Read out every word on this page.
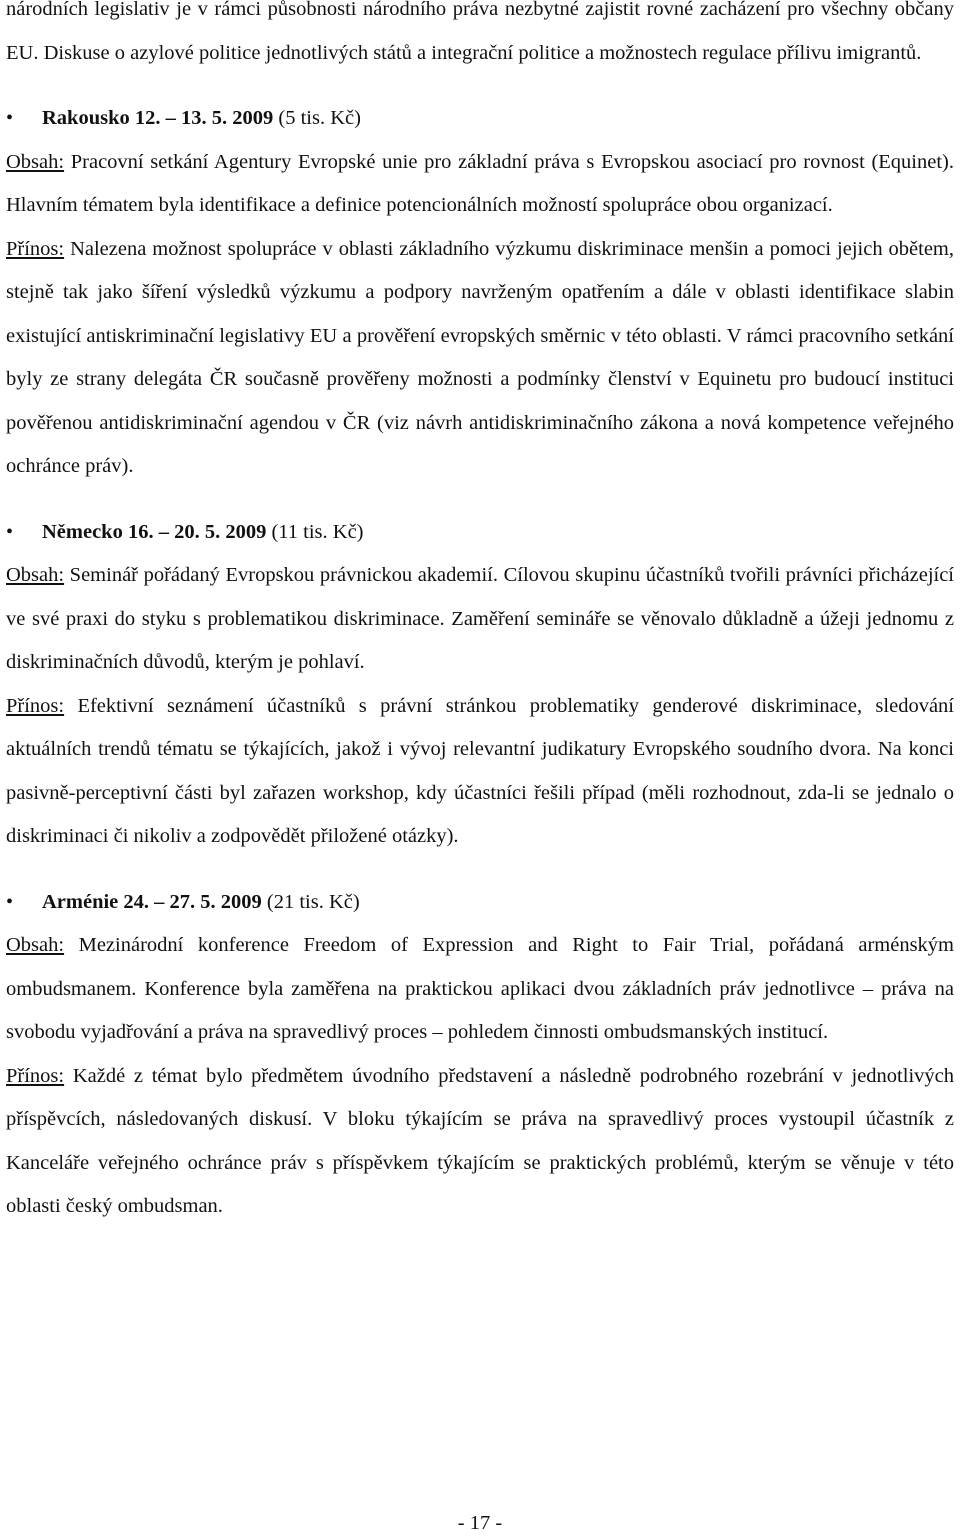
národních legislativ je v rámci působnosti národního práva nezbytné zajistit rovné zacházení pro všechny občany EU. Diskuse o azylové politice jednotlivých států a integrační politice a možnostech regulace přílivu imigrantů.

• Rakousko 12. – 13. 5. 2009 (5 tis. Kč)

Obsah: Pracovní setkání Agentury Evropské unie pro základní práva s Evropskou asociací pro rovnost (Equinet). Hlavním tématem byla identifikace a definice potencionálních možností spolupráce obou organizací.

Přínos: Nalezena možnost spolupráce v oblasti základního výzkumu diskriminace menšin a pomoci jejich obětem, stejně tak jako šíření výsledků výzkumu a podpory navrženým opatřením a dále v oblasti identifikace slabin existující antiskriminační legislativy EU a prověření evropských směrnic v této oblasti. V rámci pracovního setkání byly ze strany delegáta ČR současně prověřeny možnosti a podmínky členství v Equinetu pro budoucí instituci pověřenou antidiskriminační agendou v ČR (viz návrh antidiskriminačního zákona a nová kompetence veřejného ochránce práv).

• Německo 16. – 20. 5. 2009 (11 tis. Kč)

Obsah: Seminář pořádaný Evropskou právnickou akademií. Cílovou skupinu účastníků tvořili právníci přicházející ve své praxi do styku s problematikou diskriminace. Zaměření semináře se věnovalo důkladně a úžeji jednomu z diskriminačních důvodů, kterým je pohlaví.

Přínos: Efektivní seznámení účastníků s právní stránkou problematiky genderové diskriminace, sledování aktuálních trendů tématu se týkajících, jakož i vývoj relevantní judikatury Evropského soudního dvora. Na konci pasivně-perceptivní části byl zařazen workshop, kdy účastníci řešili případ (měli rozhodnout, zda-li se jednalo o diskriminaci či nikoliv a zodpovědět přiložené otázky).

• Arménie 24. – 27. 5. 2009 (21 tis. Kč)

Obsah: Mezinárodní konference Freedom of Expression and Right to Fair Trial, pořádaná arménským ombudsmanem. Konference byla zaměřena na praktickou aplikaci dvou základních práv jednotlivce – práva na svobodu vyjadřování a práva na spravedlivý proces – pohledem činnosti ombudsmanských institucí.

Přínos: Každé z témat bylo předmětem úvodního představení a následně podrobného rozebrání v jednotlivých příspěvcích, následovaných diskusí. V bloku týkajícím se práva na spravedlivý proces vystoupil účastník z Kanceláře veřejného ochránce práv s příspěvkem týkajícím se praktických problémů, kterým se věnuje v této oblasti český ombudsman.

- 17 -
